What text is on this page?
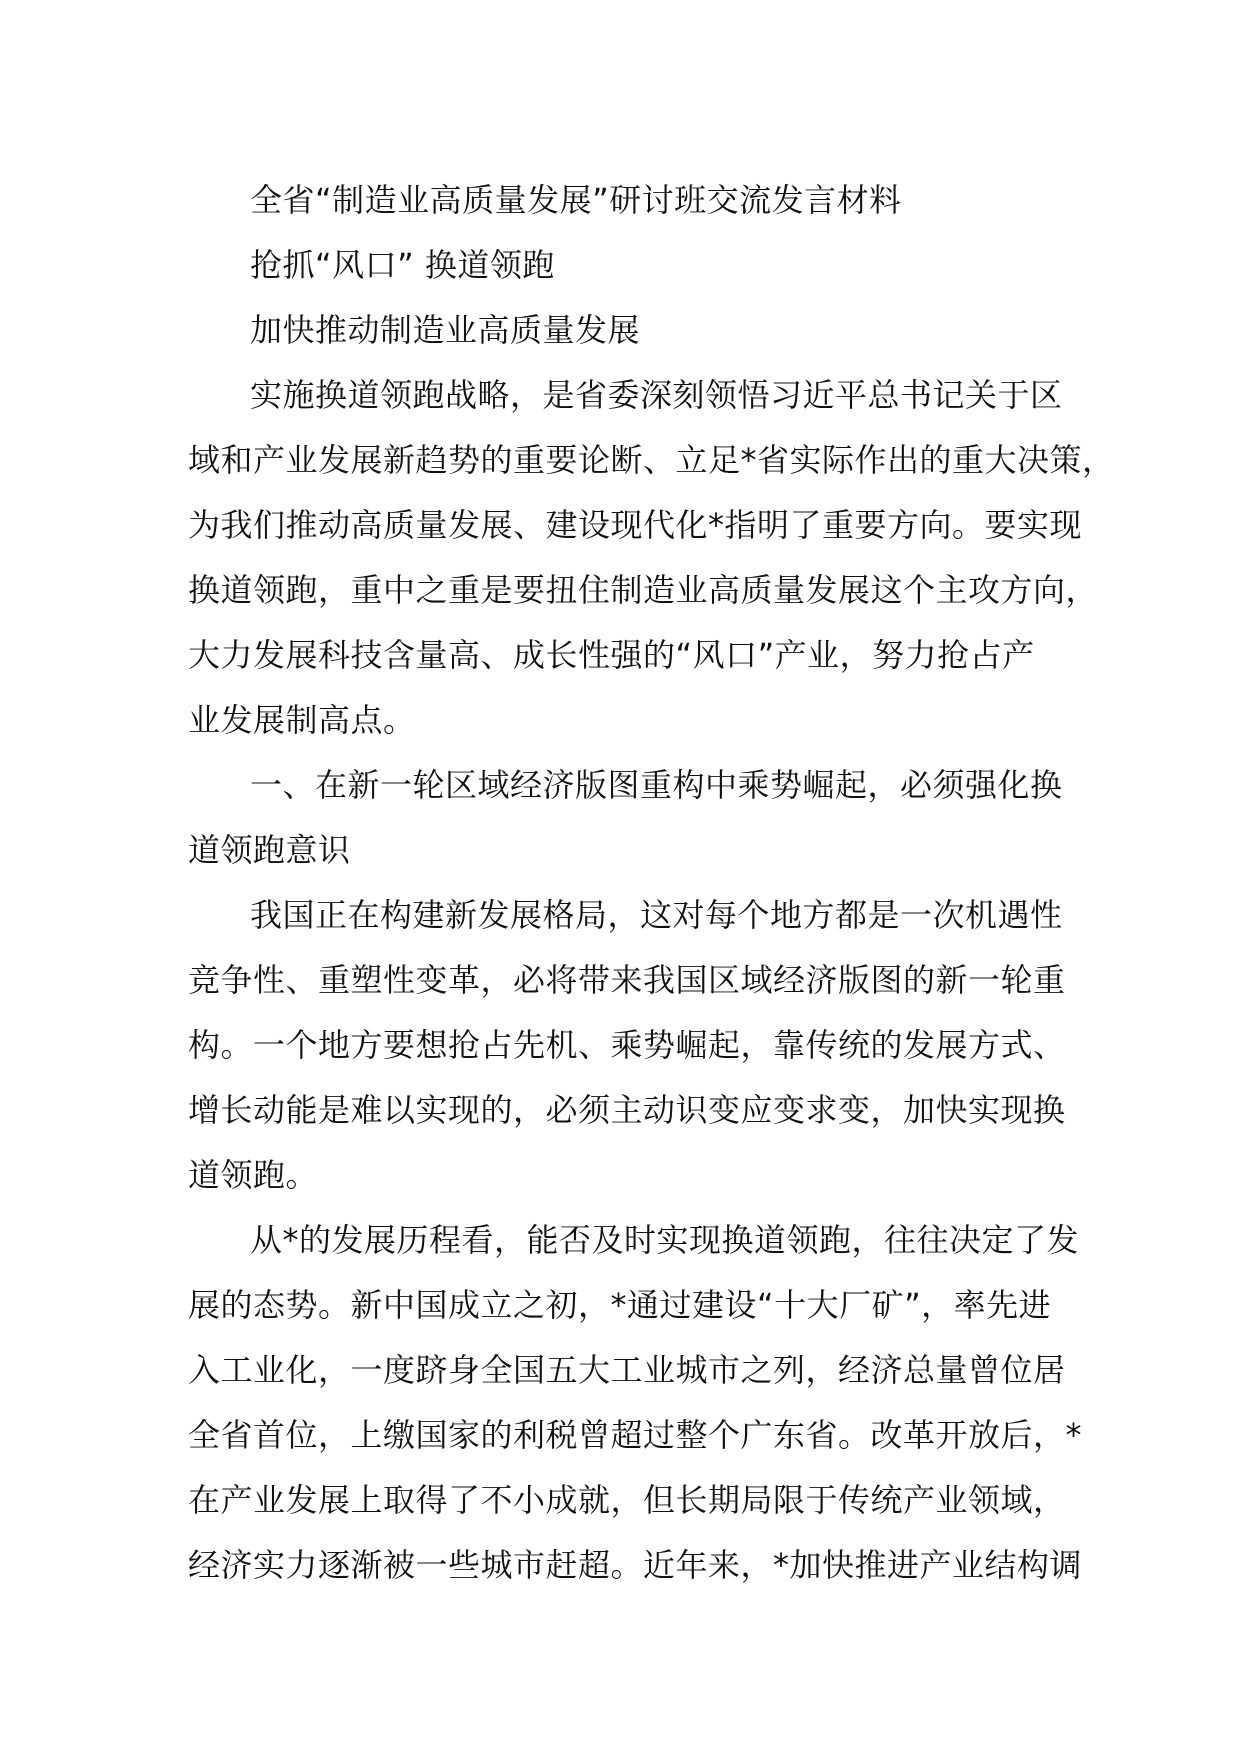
全省“制造业高质量发展”研讨班交流发言材料

抢抓“风口” 换道领跑

加快推动制造业高质量发展

实施换道领跑战略，是省委深刻领悟习近平总书记关于区

域和产业发展新趋势的重要论断、立足*省实际作出的重大决策，

为我们推动高质量发展、建设现代化*指明了重要方向。要实现

换道领跑，重中之重是要扭住制造业高质量发展这个主攻方向，

大力发展科技含量高、成长性强的“风口”产业，努力抢占产

业发展制高点。

一、在新一轮区域经济版图重构中乘势崛起，必须强化换

道领跑意识

我国正在构建新发展格局，这对每个地方都是一次机遇性

竞争性、重塑性变革，必将带来我国区域经济版图的新一轮重

构。一个地方要想抢占先机、乘势崛起，靠传统的发展方式、

增长动能是难以实现的，必须主动识变应变求变，加快实现换

道领跑。

从*的发展历程看，能否及时实现换道领跑，往往决定了发

展的态势。新中国成立之初，*通过建设“十大厂矿”，率先进

入工业化，一度跻身全国五大工业城市之列，经济总量曾位居

全省首位，上缴国家的利税曾超过整个广东省。改革开放后，*

在产业发展上取得了不小成就，但长期局限于传统产业领域，

经济实力逐渐被一些城市赶超。近年来，*加快推进产业结构调
